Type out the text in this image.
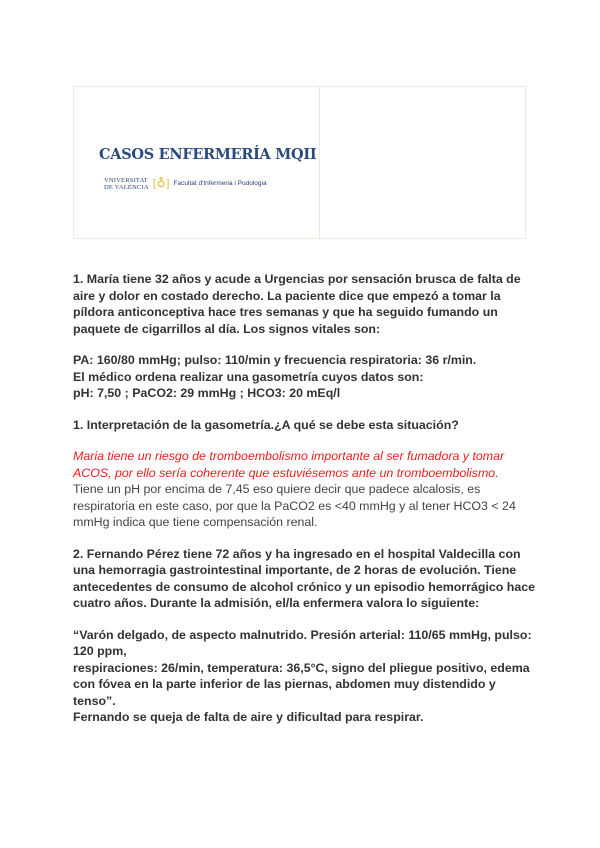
CASOS ENFERMERÍA MQII
VNIVERSITAT
DE VALÈNCIA [♁] Facultat d'Infermeria i Podologia
1. María tiene 32 años y acude a Urgencias por sensación brusca de falta de
aire y dolor en costado derecho. La paciente dice que empezó a tomar la
píldora anticonceptiva hace tres semanas y que ha seguido fumando un
paquete de cigarrillos al día. Los signos vitales son:
PA: 160/80 mmHg; pulso: 110/min y frecuencia respiratoria: 36 r/min.
El médico ordena realizar una gasometría cuyos datos son:
pH: 7,50 ; PaCO2: 29 mmHg ; HCO3: 20 mEq/l
1. Interpretación de la gasometría.¿A qué se debe esta situación?
Maria tiene un riesgo de tromboembolismo importante al ser fumadora y tomar
ACOS, por ello sería coherente que estuviésemos ante un tromboembolismo.
Tiene un pH por encima de 7,45 eso quiere decir que padece alcalosis, es
respiratoria en este caso, por que la PaCO2 es <40 mmHg y al tener HCO3 < 24
mmHg indica que tiene compensación renal.
2. Fernando Pérez tiene 72 años y ha ingresado en el hospital Valdecilla con
una hemorragia gastrointestinal importante, de 2 horas de evolución. Tiene
antecedentes de consumo de alcohol crónico y un episodio hemorrágico hace
cuatro años. Durante la admisión, el/la enfermera valora lo siguiente:
“Varón delgado, de aspecto malnutrido. Presión arterial: 110/65 mmHg, pulso:
120 ppm,
respiraciones: 26/min, temperatura: 36,5°C, signo del pliegue positivo, edema
con fóvea en la parte inferior de las piernas, abdomen muy distendido y
tenso”.
Fernando se queja de falta de aire y dificultad para respirar.
